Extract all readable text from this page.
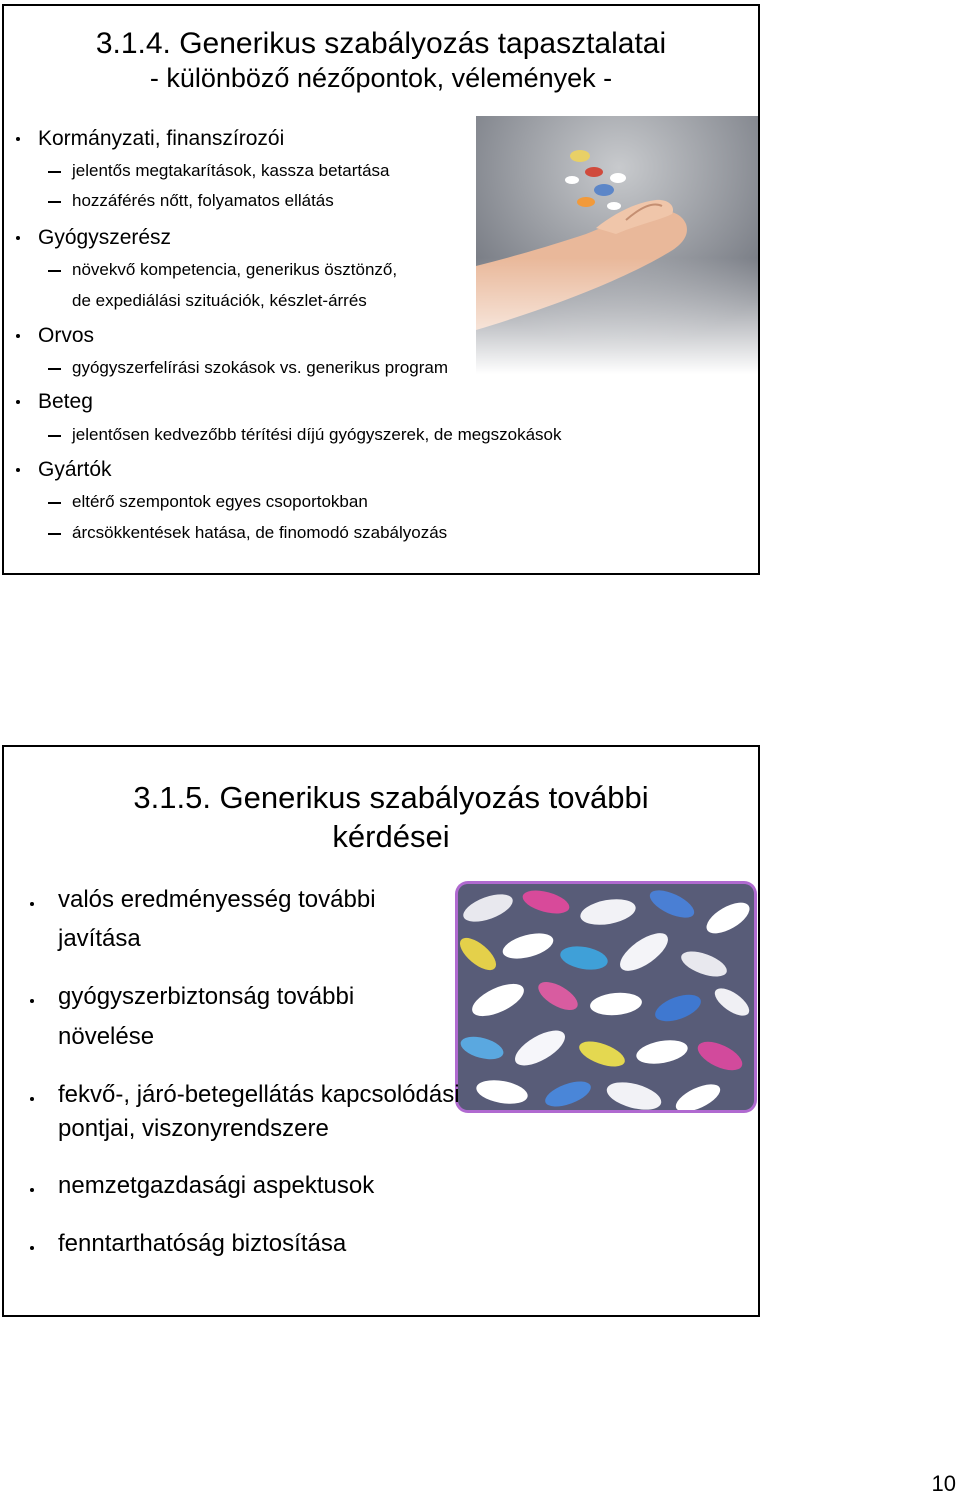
3.1.4. Generikus szabályozás tapasztalatai
- különböző nézőpontok, vélemények -
Kormányzati, finanszírozói
jelentős megtakarítások, kassza betartása
hozzáférés nőtt, folyamatos ellátás
Gyógyszerész
növekvő kompetencia, generikus ösztönző,
de expediálási szituációk, készlet-árrés
Orvos
gyógyszerfelírási szokások vs. generikus program
Beteg
jelentősen kedvezőbb térítési díjú gyógyszerek, de megszokások
Gyártók
eltérő szempontok egyes csoportokban
árcsökkentések hatása, de finomodó szabályozás
3.1.5. Generikus szabályozás további
kérdései
valós eredményesség további
javítása
gyógyszerbiztonság további
növelése
fekvő-, járó-betegellátás kapcsolódási
pontjai, viszonyrendszere
nemzetgazdasági aspektusok
fenntarthatóság biztosítása
10
